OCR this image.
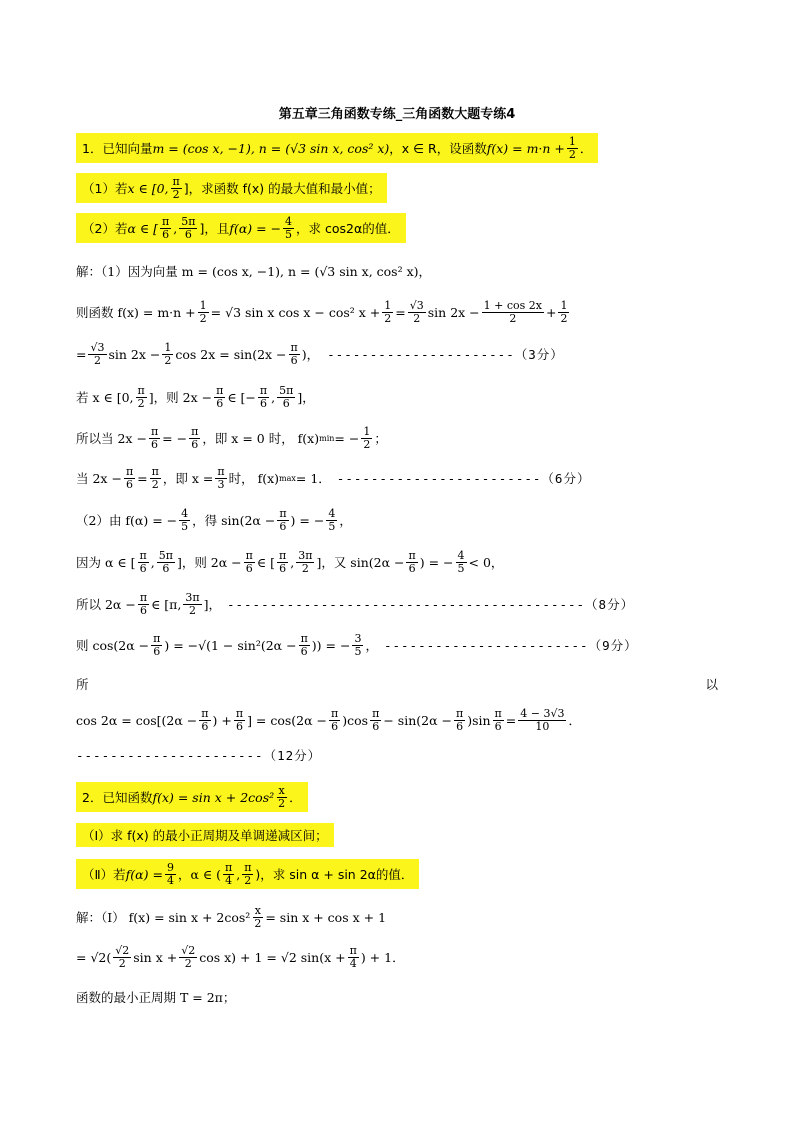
第五章三角函数专练_三角函数大题专练4
1．已知向量 m = (cos x, −1), n = (√3 sin x, cos² x) ，x ∈ R，设函数 $f(x) = m\cdot n + \frac{1}{2}$ ．
（1）若 x ∈ [0, $\frac{\pi}{2}$ ]，求函数 f(x) 的最大值和最小值；
（2）若 α ∈ [ $\frac{\pi}{6}$ , $\frac{5\pi}{6}$ ]，且 f(α) = − $\frac{4}{5}$ ，求 cos2α的值．
解：（1）因为向量 m = (cos x, −1), n = (√3 sin x, cos² x)，
则函数 $f(x) = m\cdot n + \frac{1}{2} = √3$ sin x cos x − cos² $x + \frac{1}{2} = \frac{√3}{2}$ $\sin 2x - \frac{1 + \cos 2x}{2} + \frac{1}{2}$
= $\frac{√3}{2}$ $\sin 2x - \frac{1}{2}$ $\cos 2x = \sin(2x - \frac{\pi}{6}$ )， ----------------------（3分）
若 x ∈ [0, $\frac{\pi}{2}$ ]，则 $2x - \frac{\pi}{6}$ ∈ [− $\frac{\pi}{6}$ , $\frac{5\pi}{6}$ ]，
所以当 $2x - \frac{\pi}{6}$ = − $\frac{\pi}{6}$ ，即 x = 0 时， f(x) min = − $\frac{1}{2}$ ；
当 $2x - \frac{\pi}{6} = \frac{\pi}{2}$ ，即 $x = \frac{\pi}{3}$ 时， f(x) max = 1． ------------------------（6分）
（2）由 f(α) = − $\frac{4}{5}$ ，得 $\sin(2\alpha - \frac{\pi}{6}$ ) = − $\frac{4}{5}$ ，
因为 α ∈ [ $\frac{\pi}{6}$ , $\frac{5\pi}{6}$ ]，则 $2\alpha - \frac{\pi}{6}$ ∈ [ $\frac{\pi}{6}$ , $\frac{3\pi}{2}$ ]，又 $\sin(2\alpha - \frac{\pi}{6}$ ) = − $\frac{4}{5} < 0$，
所以 $2\alpha - \frac{\pi}{6}$ ∈ [π, $\frac{3\pi}{2}$ ]， ------------------------------------------（8分）
则 $\cos(2\alpha - \frac{\pi}{6}$ ) = $-√(1 - \sin^2(2\alpha - \frac{\pi}{6}$ )) = − $\frac{3}{5}$ ， ------------------------（9分）
所	以
$\cos 2\alpha = \cos[(2\alpha - \frac{\pi}{6}$ ) + $\frac{\pi}{6}$ ] = $\cos(2\alpha - \frac{\pi}{6} )\cos \frac{\pi}{6} - \sin(2\alpha - \frac{\pi}{6} )\sin \frac{\pi}{6} = \frac{4 - 3√3}{10}$ ．
----------------------（12分）
2．已知函数 $f(x) = \sin x + 2\cos^2 \frac{x}{2}$ ．
（Ⅰ）求 f(x) 的最小正周期及单调递减区间；
（Ⅱ）若 $f(\alpha) = \frac{9}{4}$ ，α ∈ ( $\frac{\pi}{4}$ , $\frac{\pi}{2}$ )，求 sin α + sin 2α的值．
解：（Ⅰ） $f(x) = \sin x + 2\cos^2 \frac{x}{2} = \sin x + \cos x + 1$
= $√2( \frac{√2}{2}$ $\sin x + \frac{√2}{2}$ cos x) + 1 = √2 $\sin(x + \frac{\pi}{4}$ ) + 1．
函数的最小正周期 T = 2π；
